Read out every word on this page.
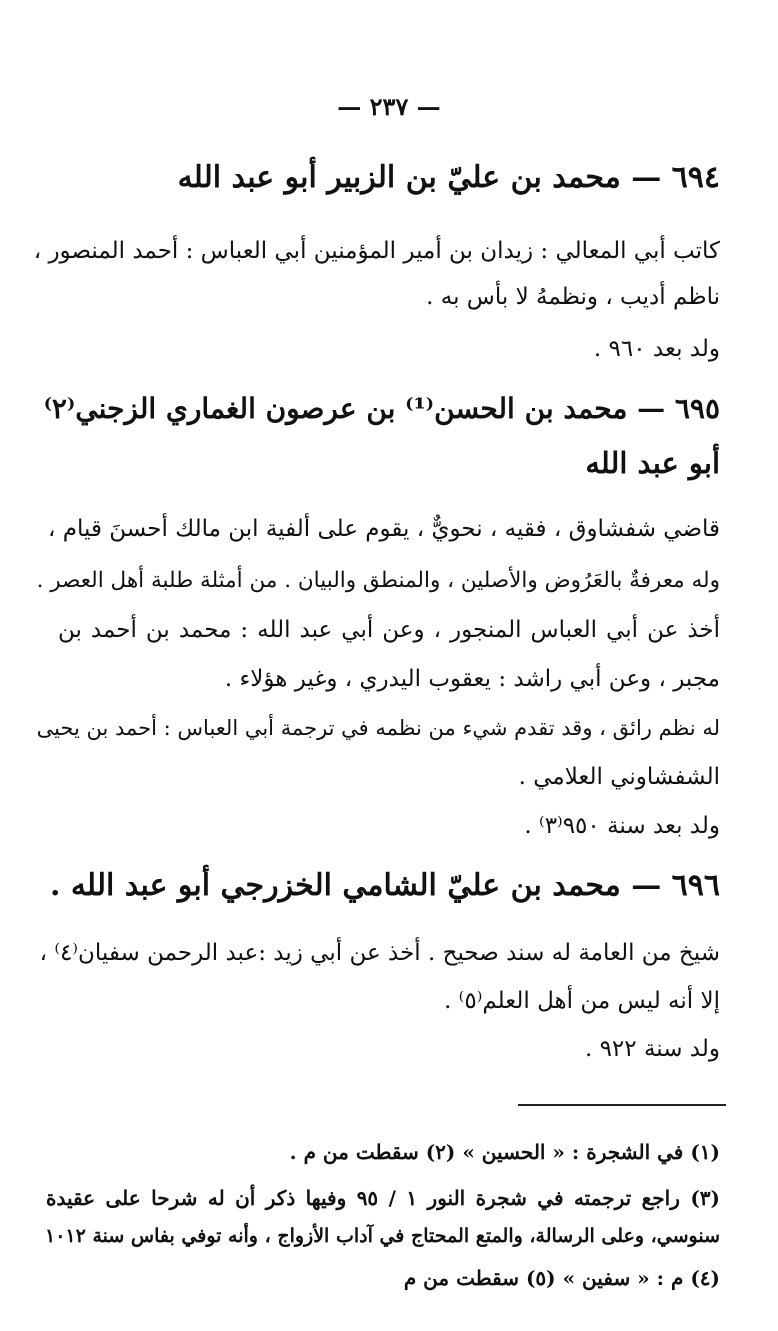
— ٢٣٧ —
٦٩٤ — محمد بن عليّ بن الزبير أبو عبد الله
كاتب أبي المعالي : زيدان بن أمير المؤمنين أبي العباس : أحمد المنصور ،
ناظم أديب ، ونظمهُ لا بأس به .
ولد بعد ٩٦٠ .
٦٩٥ — محمد بن الحسن⁽¹⁾ بن عرصون الغماري الزجني⁽٢⁾
أبو عبد الله
قاضي شفشاوق ، فقيه ، نحويٌّ ، يقوم على ألفية ابن مالك أحسنَ قيام ،
وله معرفةٌ بالعَرُوض والأصلين ، والمنطق والبيان . من أمثلة طلبة أهل العصر .
أخذ عن أبي العباس المنجور ، وعن أبي عبد الله : محمد بن أحمد بن
مجبر ، وعن أبي راشد : يعقوب اليدري ، وغير هؤلاء .
له نظم رائق ، وقد تقدم شيء من نظمه في ترجمة أبي العباس : أحمد بن يحيى
الشفشاوني العلامي .
ولد بعد سنة ٩٥٠⁽٣⁾ .
٦٩٦ — محمد بن عليّ الشامي الخزرجي أبو عبد الله .
شيخ من العامة له سند صحيح . أخذ عن أبي زيد :عبد الرحمن سفيان⁽٤⁾ ،
إلا أنه ليس من أهل العلم⁽٥⁾ .
ولد سنة ٩٢٢ .
(١) في الشجرة : « الحسين » (٢) سقطت من م .
(٣) راجع ترجمته في شجرة النور ١ / ٩٥ وفيها ذكر أن له شرحا على عقيدة
سنوسي، وعلى الرسالة، والمتع المحتاج في آداب الأزواج ، وأنه توفي بفاس سنة ١٠١٢
(٤) م : « سفين » (٥) سقطت من م
